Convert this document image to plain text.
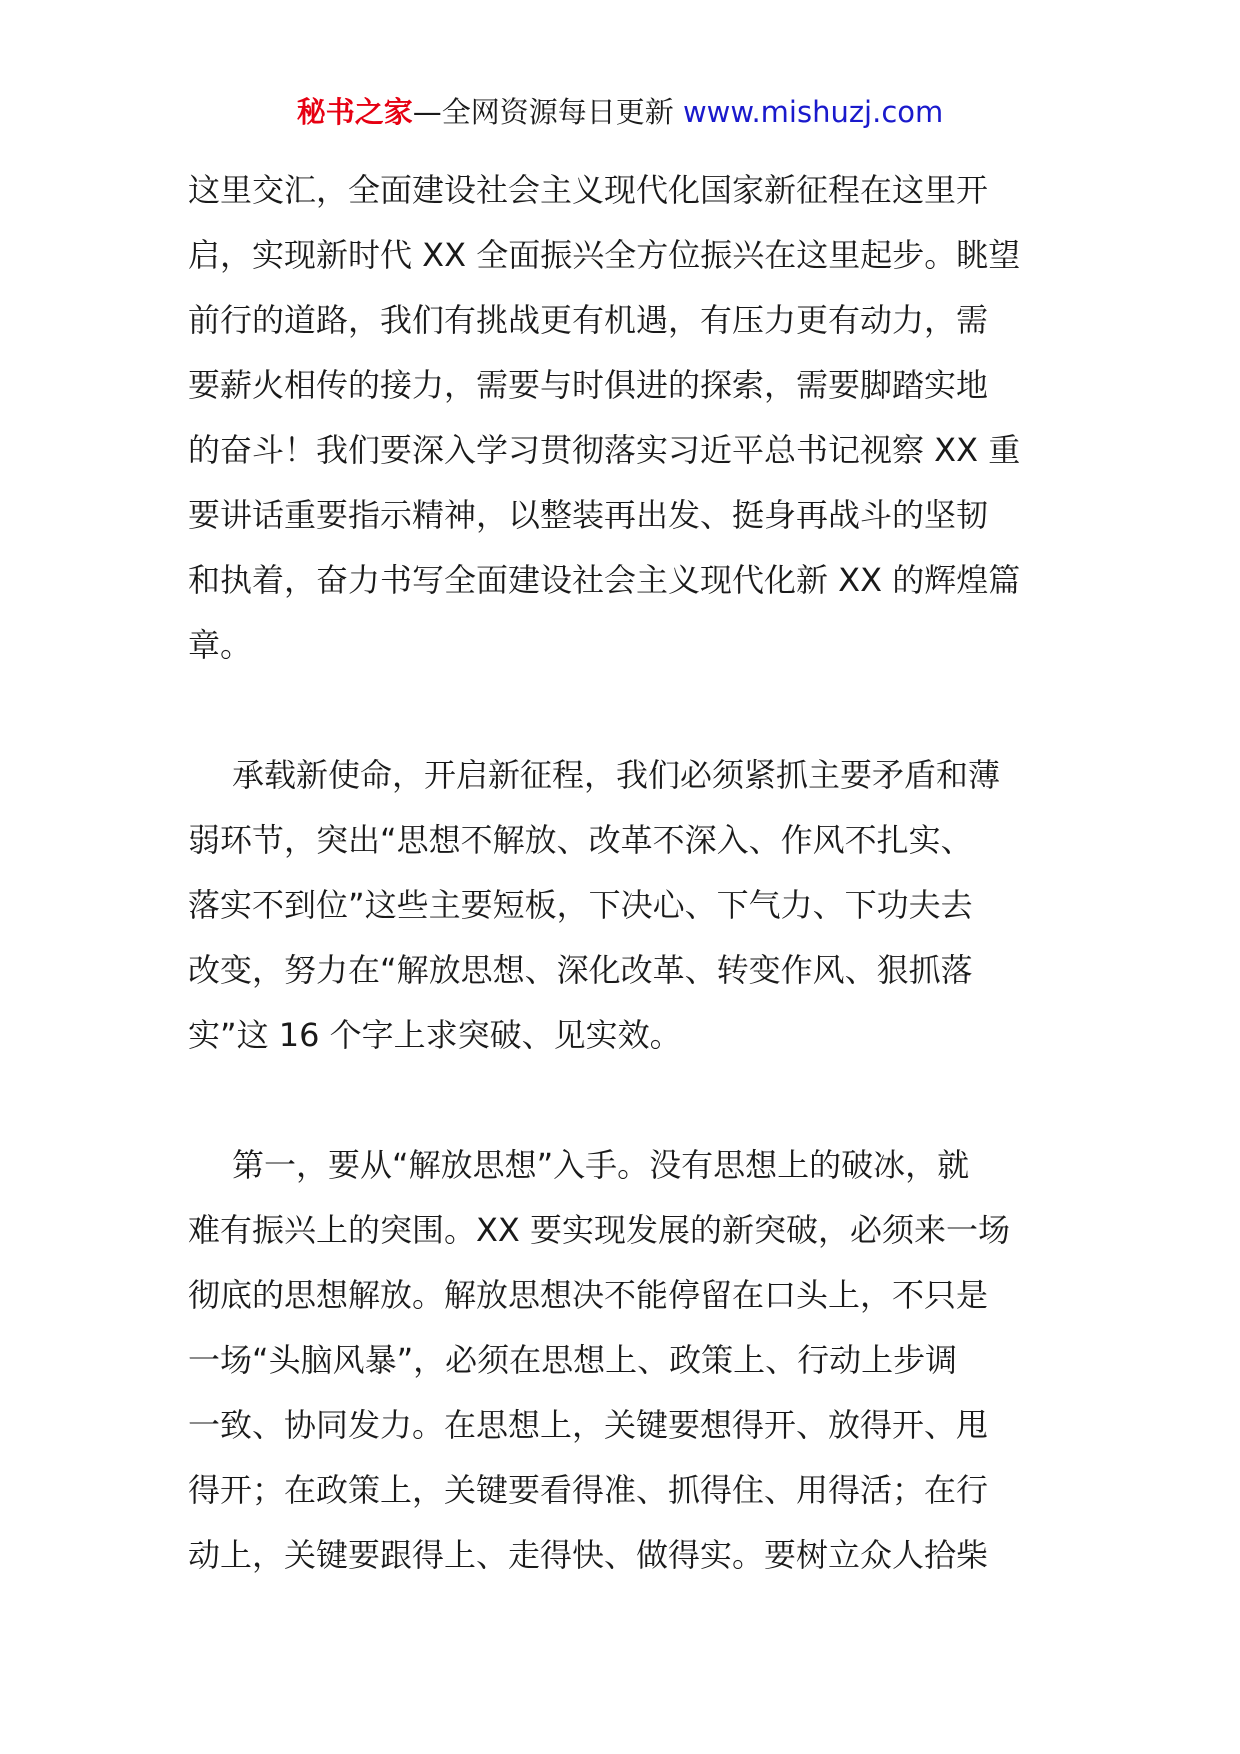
秘书之家—全网资源每日更新 www.mishuzj.com
这里交汇，全面建设社会主义现代化国家新征程在这里开
启，实现新时代 XX 全面振兴全方位振兴在这里起步。眺望
前行的道路，我们有挑战更有机遇，有压力更有动力，需
要薪火相传的接力，需要与时俱进的探索，需要脚踏实地
的奋斗！我们要深入学习贯彻落实习近平总书记视察 XX 重
要讲话重要指示精神，以整装再出发、挺身再战斗的坚韧
和执着，奋力书写全面建设社会主义现代化新 XX 的辉煌篇
章。
承载新使命，开启新征程，我们必须紧抓主要矛盾和薄
弱环节，突出“思想不解放、改革不深入、作风不扎实、
落实不到位”这些主要短板，下决心、下气力、下功夫去
改变，努力在“解放思想、深化改革、转变作风、狠抓落
实”这 16 个字上求突破、见实效。
第一，要从“解放思想”入手。没有思想上的破冰，就
难有振兴上的突围。XX 要实现发展的新突破，必须来一场
彻底的思想解放。解放思想决不能停留在口头上，不只是
一场“头脑风暴”，必须在思想上、政策上、行动上步调
一致、协同发力。在思想上，关键要想得开、放得开、甩
得开；在政策上，关键要看得准、抓得住、用得活；在行
动上，关键要跟得上、走得快、做得实。要树立众人拾柴
